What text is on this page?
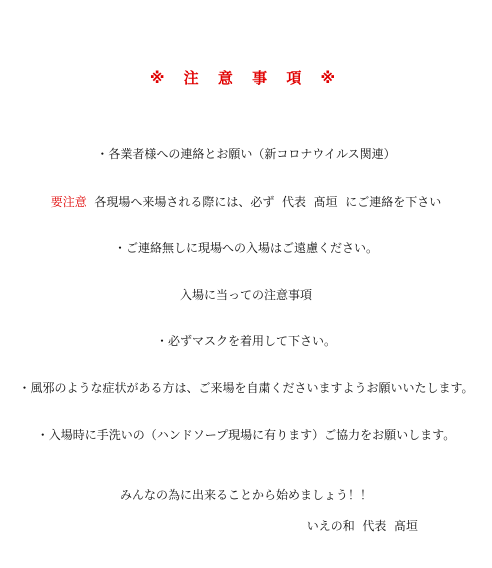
※ 注 意 事 項 ※
・各業者様への連絡とお願い（新コロナウイルス関連）
要注意  各現場へ来場される際には、必ず  代表  髙垣  にご連絡を下さい
・ご連絡無しに現場への入場はご遠慮ください。
入場に当っての注意事項
・必ずマスクを着用して下さい。
・風邪のような症状がある方は、ご来場を自粛くださいますようお願いいたします。
・入場時に手洗いの（ハンドソープ現場に有ります）ご協力をお願いします。
みんなの為に出来ることから始めましょう！！
いえの和  代表  髙垣
